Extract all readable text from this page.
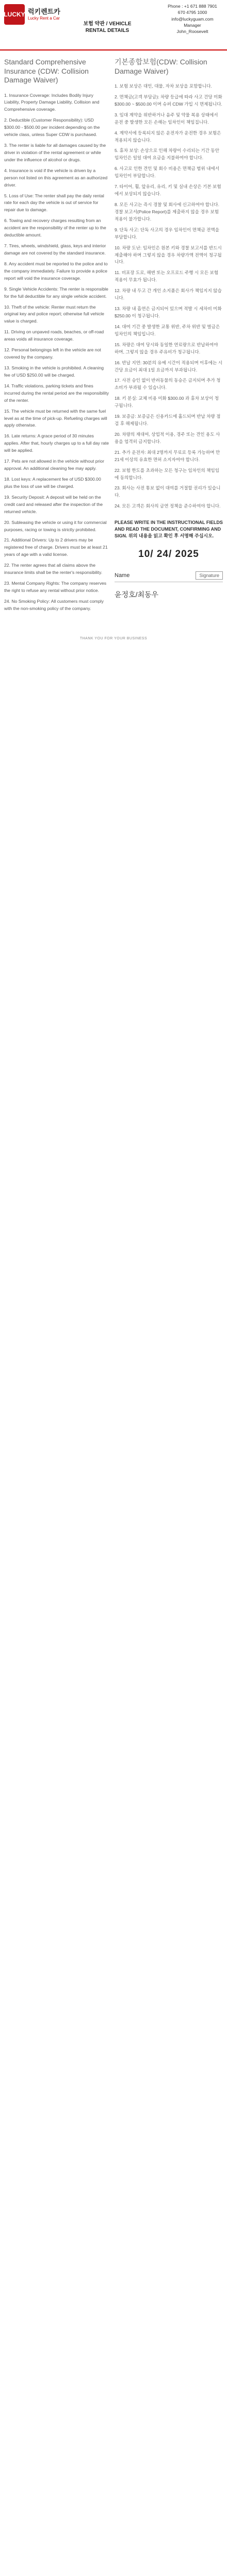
LUCKY 럭키렌트카
Lucky Rent a Car
보험 약관 / VEHICLE RENTAL DETAILS
Phone : +1 671 888 7901
670 4795 1000
info@luckyguam.com
Manager
John_Roosevelt
Standard Comprehensive Insurance (CDW: Collision Damage Waiver)

1. Insurance Coverage: Includes Bodily Injury Liability, Property Damage Liability, Collision and Comprehensive coverage.

2. Deductible (Customer Responsibility): USD $300.00 - $500.00 per incident depending on the vehicle class, unless Super CDW is purchased.

3. The renter is liable for all damages caused by the driver in violation of the rental agreement or while under the influence of alcohol or drugs.

4. Insurance is void if the vehicle is driven by a person not listed on this agreement as an authorized driver.

5. Loss of Use: The renter shall pay the daily rental rate for each day the vehicle is out of service for repair due to damage.

6. Towing and recovery charges resulting from an accident are the responsibility of the renter up to the deductible amount.

7. Tires, wheels, windshield, glass, keys and interior damage are not covered by the standard insurance.

8. Any accident must be reported to the police and to the company immediately. Failure to provide a police report will void the insurance coverage.

9. Single Vehicle Accidents: The renter is responsible for the full deductible for any single vehicle accident.

10. Theft of the vehicle: Renter must return the original key and police report; otherwise full vehicle value is charged.

11. Driving on unpaved roads, beaches, or off-road areas voids all insurance coverage.

12. Personal belongings left in the vehicle are not covered by the company.

13. Smoking in the vehicle is prohibited. A cleaning fee of USD $250.00 will be charged.

14. Traffic violations, parking tickets and fines incurred during the rental period are the responsibility of the renter.

15. The vehicle must be returned with the same fuel level as at the time of pick-up. Refueling charges will apply otherwise.

16. Late returns: A grace period of 30 minutes applies. After that, hourly charges up to a full day rate will be applied.

17. Pets are not allowed in the vehicle without prior approval. An additional cleaning fee may apply.

18. Lost keys: A replacement fee of USD $300.00 plus the loss of use will be charged.

19. Security Deposit: A deposit will be held on the credit card and released after the inspection of the returned vehicle.

20. Subleasing the vehicle or using it for commercial purposes, racing or towing is strictly prohibited.

21. Additional Drivers: Up to 2 drivers may be registered free of charge. Drivers must be at least 21 years of age with a valid license.

22. The renter agrees that all claims above the insurance limits shall be the renter's responsibility.

23. Mental Company Rights: The company reserves the right to refuse any rental without prior notice.

24. No Smoking Policy: All customers must comply with the non-smoking policy of the company.

기본종합보험(CDW: Collision Damage Waiver)

1. 보험 보상은 대인, 대물, 자차 보상을 포함합니다.

2. 면책금(고객 부담금): 차량 등급에 따라 사고 건당 미화 $300.00 ~ $500.00 이며 슈퍼 CDW 가입 시 면제됩니다.

3. 임대 계약을 위반하거나 음주 및 약물 복용 상태에서 운전 중 발생한 모든 손해는 임차인이 책임집니다.

4. 계약서에 등록되지 않은 운전자가 운전한 경우 보험은 적용되지 않습니다.

5. 휴차 보상: 손상으로 인해 차량이 수리되는 기간 동안 임차인은 일일 대여 요금을 지불하여야 합니다.

6. 사고로 인한 견인 및 회수 비용은 면책금 범위 내에서 임차인이 부담합니다.

7. 타이어, 휠, 앞유리, 유리, 키 및 실내 손상은 기본 보험에서 보상되지 않습니다.

8. 모든 사고는 즉시 경찰 및 회사에 신고하여야 합니다. 경찰 보고서(Police Report)를 제출하지 않을 경우 보험 적용이 불가합니다.

9. 단독 사고: 단독 사고의 경우 임차인이 면책금 전액을 부담합니다.

10. 차량 도난: 임차인은 원본 키와 경찰 보고서를 반드시 제출해야 하며 그렇지 않을 경우 차량가액 전액이 청구됩니다.

11. 비포장 도로, 해변 또는 오프로드 주행 시 모든 보험 적용이 무효가 됩니다.

12. 차량 내 두고 간 개인 소지품은 회사가 책임지지 않습니다.

13. 차량 내 흡연은 금지되어 있으며 적발 시 세차비 미화 $250.00 이 청구됩니다.

14. 대여 기간 중 발생한 교통 위반, 주차 위반 및 벌금은 임차인의 책임입니다.

15. 차량은 대여 당시와 동일한 연료량으로 반납하여야 하며, 그렇지 않을 경우 주유비가 청구됩니다.

16. 반납 지연: 30분의 유예 시간이 적용되며 이후에는 시간당 요금이 최대 1일 요금까지 부과됩니다.

17. 사전 승인 없이 반려동물의 동승은 금지되며 추가 청소비가 부과될 수 있습니다.

18. 키 분실: 교체 비용 미화 $300.00 과 휴차 보상이 청구됩니다.

19. 보증금: 보증금은 신용카드에 홀드되며 반납 차량 점검 후 해제됩니다.

20. 차량의 재대여, 상업적 이용, 경주 또는 견인 용도 사용을 엄격히 금지합니다.

21. 추가 운전자: 최대 2명까지 무료로 등록 가능하며 만 21세 이상의 유효한 면허 소지자여야 합니다.

22. 보험 한도를 초과하는 모든 청구는 임차인의 책임임에 동의합니다.

23. 회사는 사전 통보 없이 대여를 거절할 권리가 있습니다.

24. 모든 고객은 회사의 금연 정책을 준수하여야 합니다.

PLEASE WRITE IN THE INSTRUCTIONAL FIELDS AND READ THE DOCUMENT, CONFIRMING AND SIGN. 위의 내용을 읽고 확인 후 서명해 주십시오.
10/ 24/ 2025
Name	Signature
윤정호/최동우
THANK YOU FOR YOUR BUSINESS
